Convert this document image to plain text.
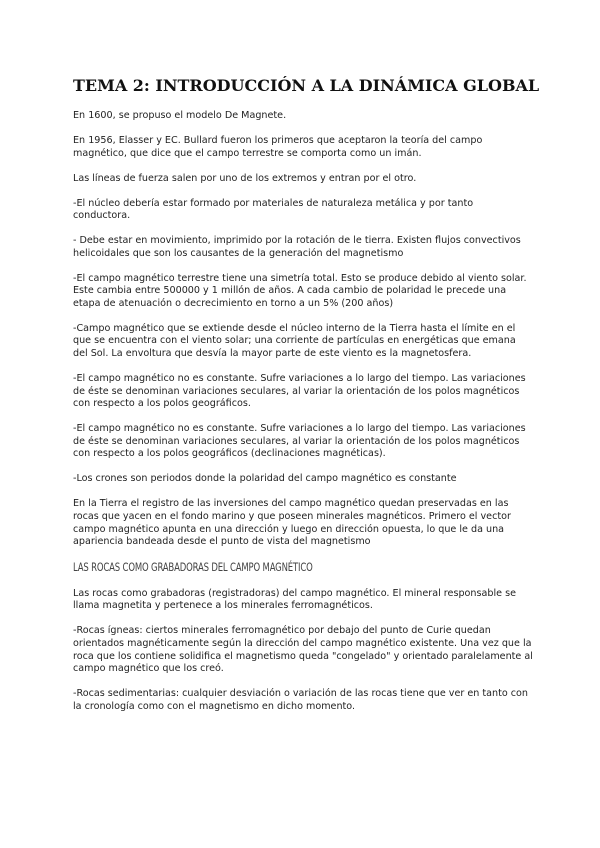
TEMA 2: INTRODUCCIÓN A LA DINÁMICA GLOBAL

En 1600, se propuso el modelo De Magnete.

En 1956, Elasser y EC. Bullard fueron los primeros que aceptaron la teoría del campo magnético, que dice que el campo terrestre se comporta como un imán.

Las líneas de fuerza salen por uno de los extremos y entran por el otro.

-El núcleo debería estar formado por materiales de naturaleza metálica y por tanto conductora.

- Debe estar en movimiento, imprimido por la rotación de le tierra. Existen flujos convectivos helicoidales que son los causantes de la generación del magnetismo

-El campo magnético terrestre tiene una simetría total. Esto se produce debido al viento solar. Este cambia entre 500000 y 1 millón de años. A cada cambio de polaridad le precede una etapa de atenuación o decrecimiento en torno a un 5% (200 años)

-Campo magnético que se extiende desde el núcleo interno de la Tierra hasta el límite en el que se encuentra con el viento solar; una corriente de partículas en energéticas que emana del Sol. La envoltura que desvía la mayor parte de este viento es la magnetosfera.

-El campo magnético no es constante. Sufre variaciones a lo largo del tiempo. Las variaciones de éste se denominan variaciones seculares, al variar la orientación de los polos magnéticos con respecto a los polos geográficos.

-El campo magnético no es constante. Sufre variaciones a lo largo del tiempo. Las variaciones de éste se denominan variaciones seculares, al variar la orientación de los polos magnéticos con respecto a los polos geográficos (declinaciones magnéticas).

-Los crones son periodos donde la polaridad del campo magnético es constante

En la Tierra el registro de las inversiones del campo magnético quedan preservadas en las rocas que yacen en el fondo marino y que poseen minerales magnéticos. Primero el vector campo magnético apunta en una dirección y luego en dirección opuesta, lo que le da una apariencia bandeada desde el punto de vista del magnetismo

LAS ROCAS COMO GRABADORAS DEL CAMPO MAGNÉTICO

Las rocas como grabadoras (registradoras) del campo magnético. El mineral responsable se llama magnetita y pertenece a los minerales ferromagnéticos.

-Rocas ígneas: ciertos minerales ferromagnético por debajo del punto de Curie quedan orientados magnéticamente según la dirección del campo magnético existente. Una vez que la roca que los contiene solidifica el magnetismo queda "congelado" y orientado paralelamente al campo magnético que los creó.

-Rocas sedimentarias: cualquier desviación o variación de las rocas tiene que ver en tanto con la cronología como con el magnetismo en dicho momento.
